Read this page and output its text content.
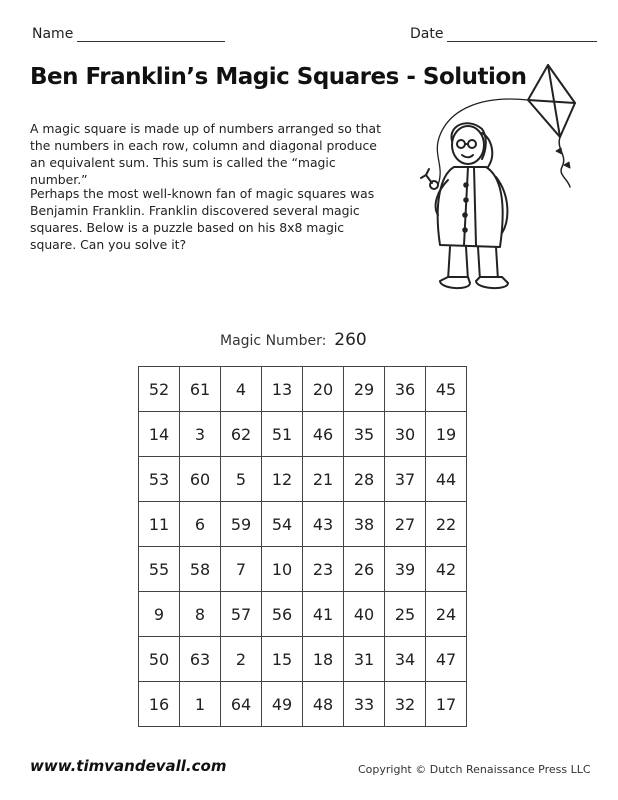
Name	Date
Ben Franklin’s Magic Squares - Solution

A magic square is made up of numbers arranged so that the numbers in each row, column and diagonal produce an equivalent sum. This sum is called the “magic number.”

Perhaps the most well-known fan of magic squares was Benjamin Franklin. Franklin discovered several magic squares. Below is a puzzle based on his 8x8 magic square. Can you solve it?

Magic Number: 260
52	61	4	13	20	29	36	45
14	3	62	51	46	35	30	19
53	60	5	12	21	28	37	44
11	6	59	54	43	38	27	22
55	58	7	10	23	26	39	42
9	8	57	56	41	40	25	24
50	63	2	15	18	31	34	47
16	1	64	49	48	33	32	17
www.timvandevall.com	Copyright © Dutch Renaissance Press LLC
